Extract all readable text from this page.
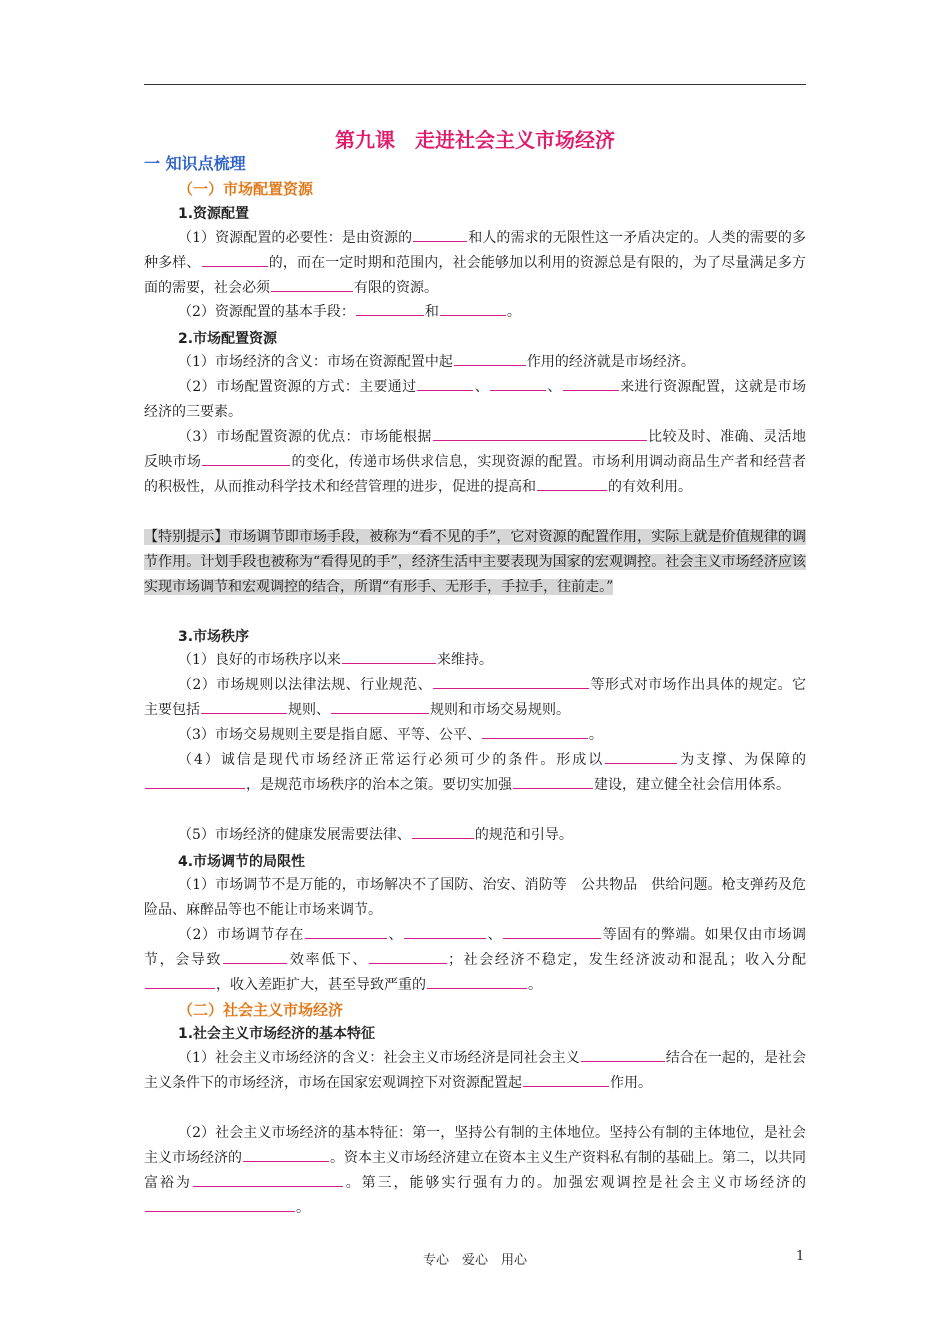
第九课　走进社会主义市场经济
一 知识点梳理
（一）市场配置资源
1.资源配置

（1）资源配置的必要性：是由资源的	和人的需求的无限性这一矛盾决定的。人类的需要的多种多样、	的，而在一定时期和范围内，社会能够加以利用的资源总是有限的，为了尽量满足多方面的需要，社会必须	有限的资源。

（2）资源配置的基本手段：	和	。

2.市场配置资源

（1）市场经济的含义：市场在资源配置中起	作用的经济就是市场经济。

（2）市场配置资源的方式：主要通过	、	、	来进行资源配置，这就是市场经济的三要素。

（3）市场配置资源的优点：市场能根据	比较及时、准确、灵活地反映市场	的变化，传递市场供求信息，实现资源的配置。市场利用调动商品生产者和经营者的积极性，从而推动科学技术和经营管理的进步，促进的提高和	的有效利用。

【特别提示】市场调节即市场手段，被称为“看不见的手”，它对资源的配置作用，实际上就是价值规律的调节作用。计划手段也被称为“看得见的手”，经济生活中主要表现为国家的宏观调控。社会主义市场经济应该实现市场调节和宏观调控的结合，所谓“有形手、无形手，手拉手，往前走。”

3.市场秩序

（1）良好的市场秩序以来	来维持。

（2）市场规则以法律法规、行业规范、	等形式对市场作出具体的规定。它主要包括	规则、	规则和市场交易规则。

（3）市场交易规则主要是指自愿、平等、公平、	。

（4）诚信是现代市场经济正常运行必须可少的条件。形成以	为支撑、为保障的，是规范市场秩序的治本之策。要切实加强	建设，建立健全社会信用体系。

（5）市场经济的健康发展需要法律、	的规范和引导。

4.市场调节的局限性

（1）市场调节不是万能的，市场解决不了国防、治安、消防等　公共物品　供给问题。枪支弹药及危险品、麻醉品等也不能让市场来调节。

（2）市场调节存在	、	、	等固有的弊端。如果仅由市场调节，会导致	效率低下、	；社会经济不稳定，发生经济波动和混乱；收入分配，收入差距扩大，甚至导致严重的	。

（二）社会主义市场经济
1.社会主义市场经济的基本特征

（1）社会主义市场经济的含义：社会主义市场经济是同社会主义	结合在一起的，是社会主义条件下的市场经济，市场在国家宏观调控下对资源配置起	作用。

（2）社会主义市场经济的基本特征：第一，坚持公有制的主体地位。坚持公有制的主体地位，是社会主义市场经济的	。资本主义市场经济建立在资本主义生产资料私有制的基础上。第二，以共同富裕为	。第三，能够实行强有力的。加强宏观调控是社会主义市场经济的。

专心　爱心　用心	1
